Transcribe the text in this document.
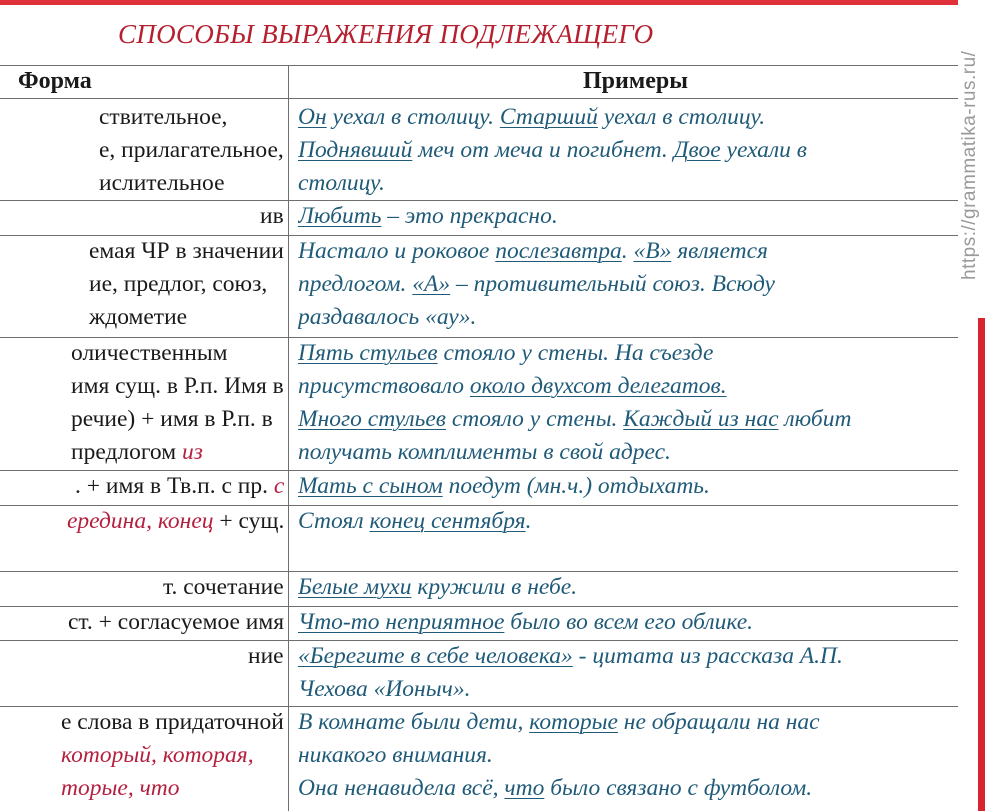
СПОСОБЫ ВЫРАЖЕНИЯ ПОДЛЕЖАЩЕГО
https://grammatika-rus.ru/
Форма	Примеры
ствительное,
е, прилагательное,
ислительное
Он уехал в столицу. Старший уехал в столицу.
Поднявший меч от меча и погибнет. Двое уехали в
столицу.
ив Любить – это прекрасно.
емая ЧР в значении
ие, предлог, союз,
ждометие
Настало и роковое послезавтра. «В» является
предлогом. «А» – противительный союз. Всюду
раздавалось «ау».
оличественным
имя сущ. в Р.п. Имя в
речие) + имя в Р.п. в
предлогом из
Пять стульев стояло у стены. На съезде
присутствовало около двухсот делегатов.
Много стульев стояло у стены. Каждый из нас любит
получать комплименты в свой адрес.
. + имя в Тв.п. с пр. с Мать с сыном поедут (мн.ч.) отдыхать.
ередина, конец + сущ. Стоял конец сентября.
т. сочетание Белые мухи кружили в небе.
ст. + согласуемое имя Что-то неприятное было во всем его облике.
ние «Берегите в себе человека» - цитата из рассказа А.П.
Чехова «Ионыч».
е слова в придаточной
который, которая,
торые, что
В комнате были дети, которые не обращали на нас
никакого внимания.
Она ненавидела всё, что было связано с футболом.
